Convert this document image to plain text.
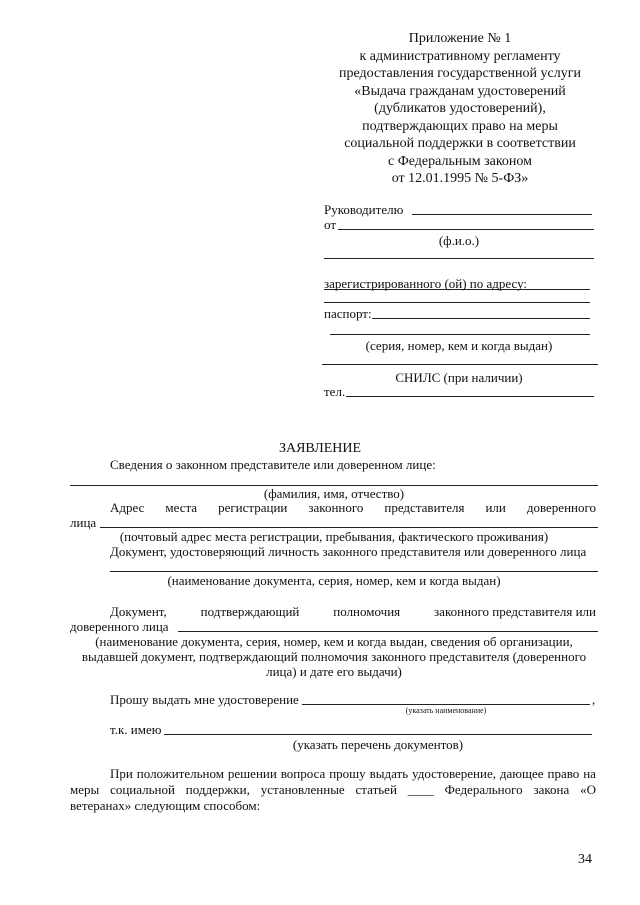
Приложение № 1
к административному регламенту
предоставления государственной услуги
«Выдача гражданам удостоверений
(дубликатов удостоверений),
подтверждающих право на меры
социальной поддержки в соответствии
с Федеральным законом
от 12.01.1995 № 5-ФЗ»
Руководителю
от
(ф.и.о.)
зарегистрированного (ой) по адресу:
паспорт:
(серия, номер, кем и когда выдан)
СНИЛС (при наличии)
тел.
ЗАЯВЛЕНИЕ
Сведения о законном представителе или доверенном лице:
(фамилия, имя, отчество)
Адрес места регистрации законного представителя или доверенного
лица
(почтовый адрес места регистрации, пребывания, фактического проживания)
Документ, удостоверяющий личность законного представителя или доверенного лица
(наименование документа, серия, номер, кем и когда выдан)
Документ,	подтверждающий	полномочия	законного представителя или
доверенного лица
(наименование документа, серия, номер, кем и когда выдан, сведения об организации,
выдавшей документ, подтверждающий полномочия законного представителя (доверенного
лица) и дате его выдачи)
Прошу выдать мне удостоверение	,
(указать наименование)
т.к. имею
(указать перечень документов)
При положительном решении вопроса прошу выдать удостоверение, дающее право на
меры социальной поддержки, установленные статьей ____ Федерального закона «О
ветеранах» следующим способом:
34
